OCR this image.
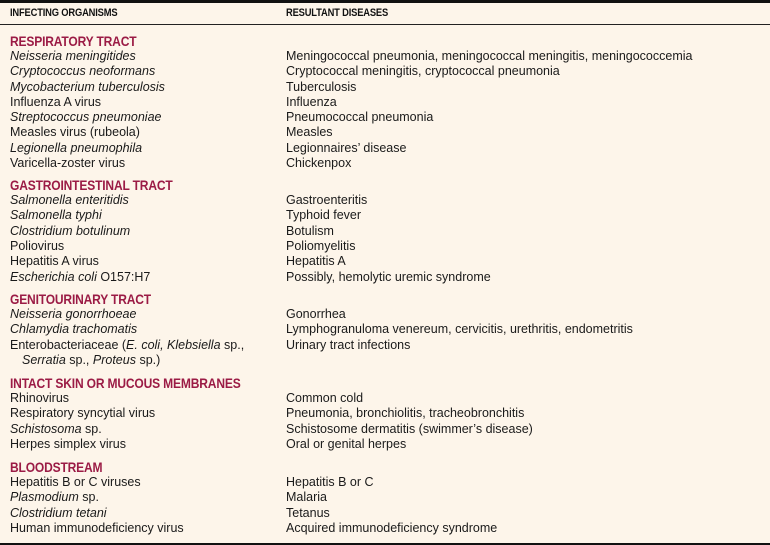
INFECTING ORGANISMS	RESULTANT DISEASES
RESPIRATORY TRACT
Neisseria meningitides	Meningococcal pneumonia, meningococcal meningitis, meningococcemia
Cryptococcus neoformans	Cryptococcal meningitis, cryptococcal pneumonia
Mycobacterium tuberculosis	Tuberculosis
Influenza A virus	Influenza
Streptococcus pneumoniae	Pneumococcal pneumonia
Measles virus (rubeola)	Measles
Legionella pneumophila	Legionnaires’ disease
Varicella-zoster virus	Chickenpox
GASTROINTESTINAL TRACT
Salmonella enteritidis	Gastroenteritis
Salmonella typhi	Typhoid fever
Clostridium botulinum	Botulism
Poliovirus	Poliomyelitis
Hepatitis A virus	Hepatitis A
Escherichia coli O157:H7	Possibly, hemolytic uremic syndrome
GENITOURINARY TRACT
Neisseria gonorrhoeae	Gonorrhea
Chlamydia trachomatis	Lymphogranuloma venereum, cervicitis, urethritis, endometritis
Enterobacteriaceae (E. coli, Klebsiella sp.,	Urinary tract infections
Serratia sp., Proteus sp.)
INTACT SKIN OR MUCOUS MEMBRANES
Rhinovirus	Common cold
Respiratory syncytial virus	Pneumonia, bronchiolitis, tracheobronchitis
Schistosoma sp.	Schistosome dermatitis (swimmer’s disease)
Herpes simplex virus	Oral or genital herpes
BLOODSTREAM
Hepatitis B or C viruses	Hepatitis B or C
Plasmodium sp.	Malaria
Clostridium tetani	Tetanus
Human immunodeficiency virus	Acquired immunodeficiency syndrome
